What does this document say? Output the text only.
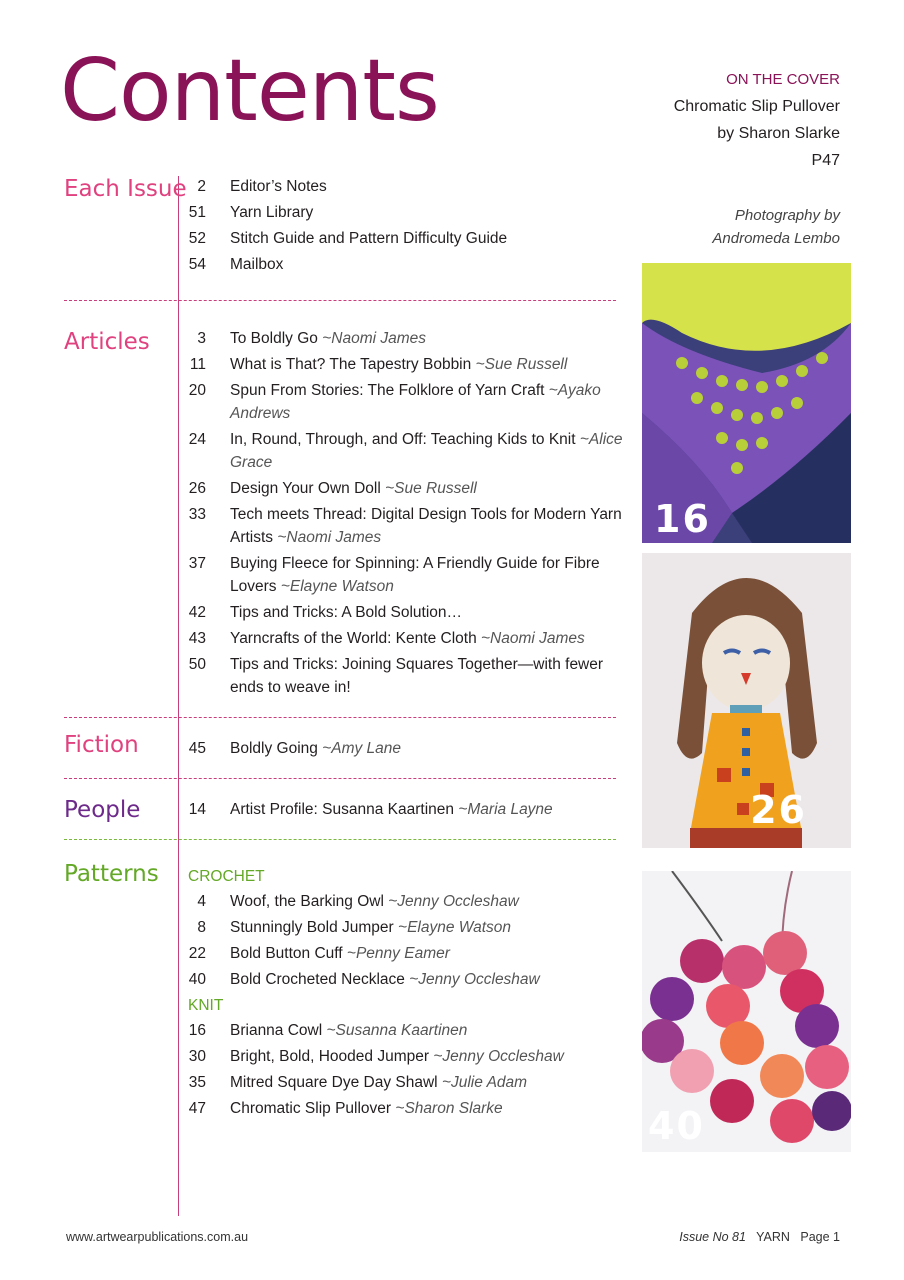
Contents	ON THE COVER
Chromatic Slip Pullover
by Sharon Slarke
P47
Photography by
Andromeda Lembo
Each Issue
Articles
Fiction
People
Patterns
2 Editor’s Notes
51 Yarn Library
52 Stitch Guide and Pattern Difficulty Guide
54 Mailbox
3 To Boldly Go ~Naomi James
11 What is That? The Tapestry Bobbin ~Sue Russell
20 Spun From Stories: The Folklore of Yarn Craft ~Ayako Andrews
24 In, Round, Through, and Off: Teaching Kids to Knit ~Alice Grace
26 Design Your Own Doll ~Sue Russell
33 Tech meets Thread: Digital Design Tools for Modern Yarn Artists ~Naomi James
37 Buying Fleece for Spinning: A Friendly Guide for Fibre Lovers ~Elayne Watson
42 Tips and Tricks: A Bold Solution…
43 Yarncrafts of the World: Kente Cloth ~Naomi James
50 Tips and Tricks: Joining Squares Together—with fewer ends to weave in!
45 Boldly Going ~Amy Lane
14 Artist Profile: Susanna Kaartinen ~Maria Layne
CROCHET
4 Woof, the Barking Owl ~Jenny Occleshaw
8 Stunningly Bold Jumper ~Elayne Watson
22 Bold Button Cuff ~Penny Eamer
40 Bold Crocheted Necklace ~Jenny Occleshaw
KNIT
16 Brianna Cowl ~Susanna Kaartinen
30 Bright, Bold, Hooded Jumper ~Jenny Occleshaw
35 Mitred Square Dye Day Shawl ~Julie Adam
47 Chromatic Slip Pullover ~Sharon Slarke
16
26
40
www.artwearpublications.com.au	Issue No 81 YARN Page 1
